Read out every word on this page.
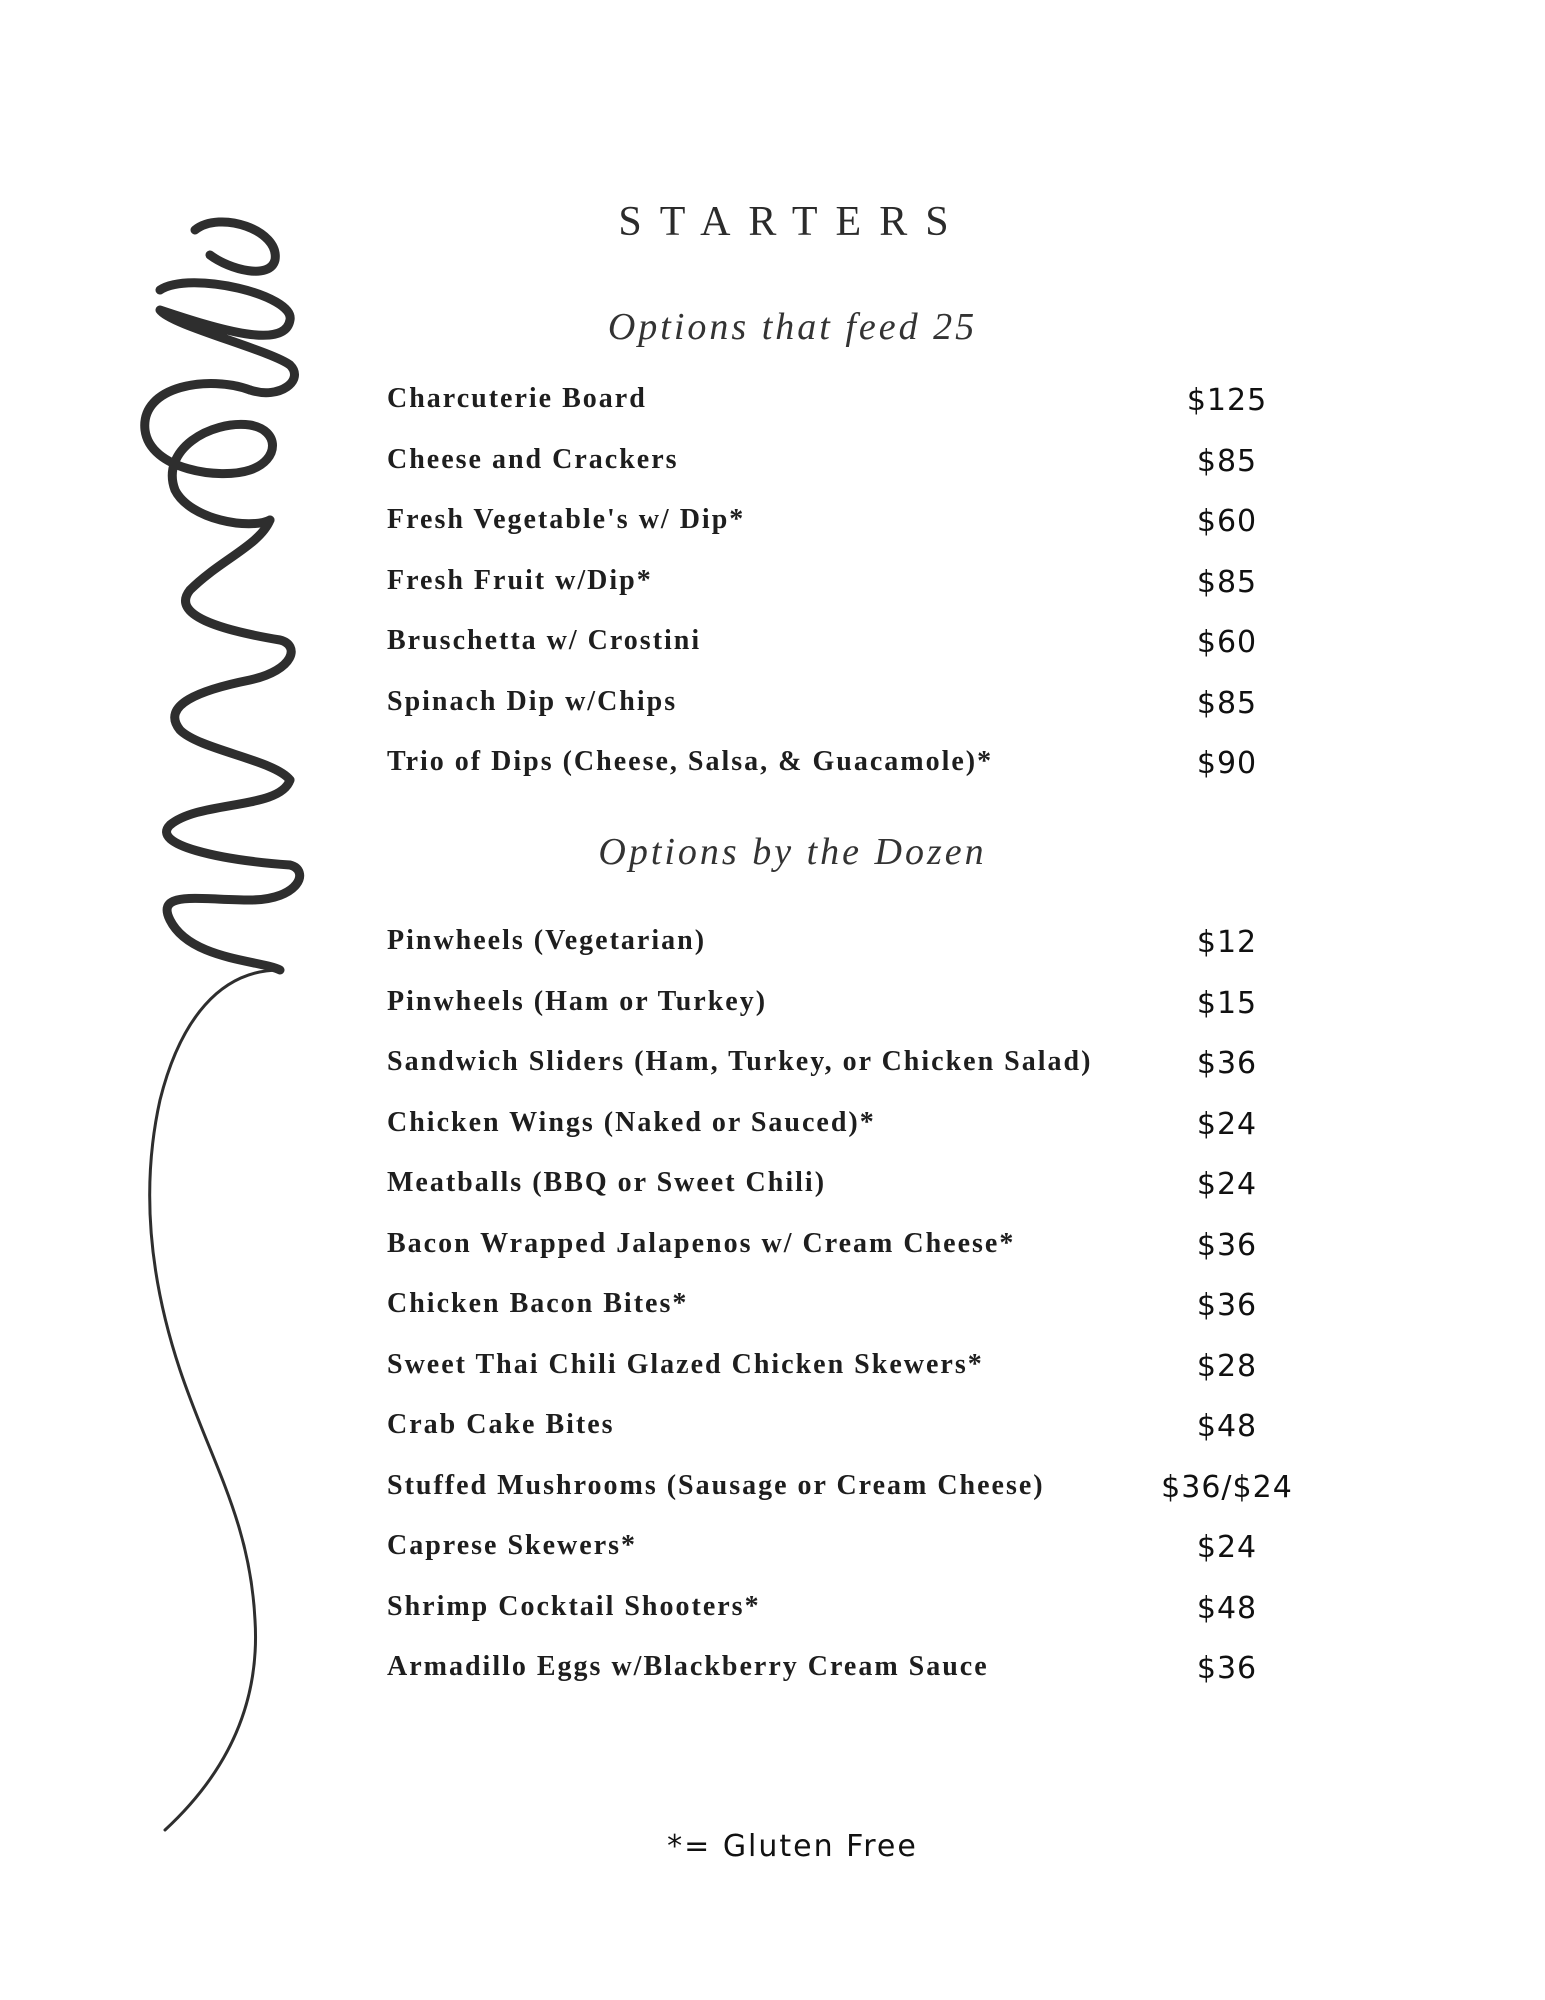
STARTERS
Options that feed 25
Charcuterie Board	$125
Cheese and Crackers	$85
Fresh Vegetable's w/ Dip*	$60
Fresh Fruit w/Dip*	$85
Bruschetta w/ Crostini	$60
Spinach Dip w/Chips	$85
Trio of Dips (Cheese, Salsa, & Guacamole)*	$90
Options by the Dozen
Pinwheels (Vegetarian)	$12
Pinwheels (Ham or Turkey)	$15
Sandwich Sliders (Ham, Turkey, or Chicken Salad)	$36
Chicken Wings (Naked or Sauced)*	$24
Meatballs (BBQ or Sweet Chili)	$24
Bacon Wrapped Jalapenos w/ Cream Cheese*	$36
Chicken Bacon Bites*	$36
Sweet Thai Chili Glazed Chicken Skewers*	$28
Crab Cake Bites	$48
Stuffed Mushrooms (Sausage or Cream Cheese)	$36/$24
Caprese Skewers*	$24
Shrimp Cocktail Shooters*	$48
Armadillo Eggs w/Blackberry Cream Sauce	$36
*= Gluten Free
